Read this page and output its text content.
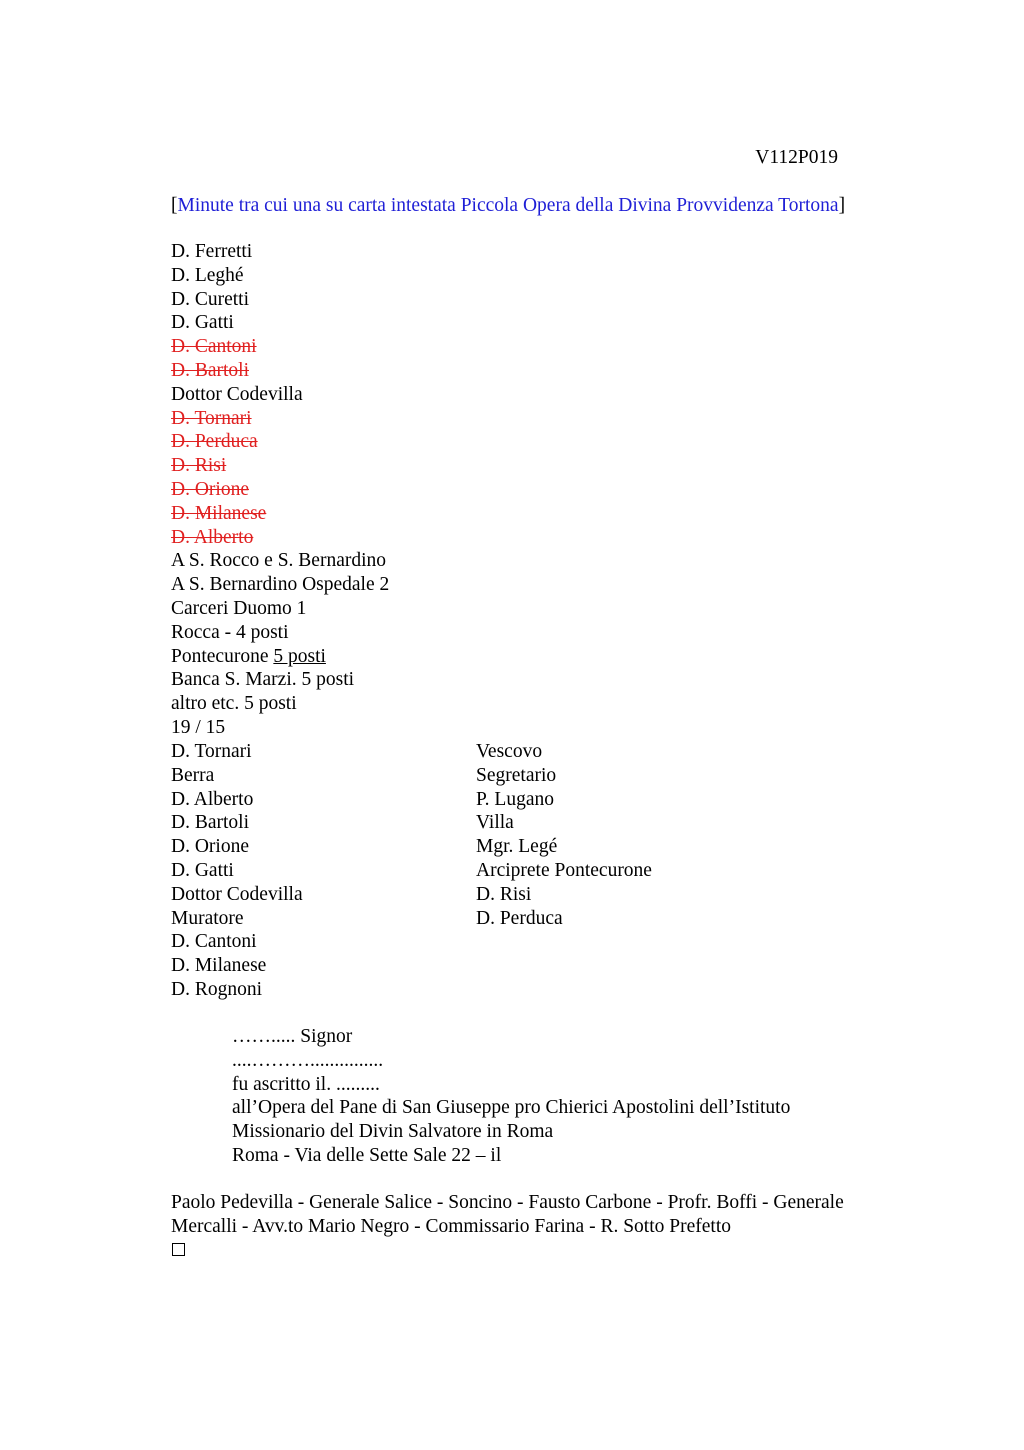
V112P019
[Minute tra cui una su carta intestata Piccola Opera della Divina Provvidenza Tortona]
D. Ferretti
D. Leghé
D. Curetti
D. Gatti
D. Cantoni
D. Bartoli
Dottor Codevilla
D. Tornari
D. Perduca
D. Risi
D. Orione
D. Milanese
D. Alberto
A S. Rocco e S. Bernardino
A S. Bernardino Ospedale 2
Carceri Duomo 1
Rocca - 4 posti
Pontecurone 5 posti
Banca S. Marzi. 5 posti
altro etc. 5 posti
19 / 15
D. Tornari
Berra
D. Alberto
D. Bartoli
D. Orione
D. Gatti
Dottor Codevilla
Muratore
D. Cantoni
D. Milanese
D. Rognoni
Vescovo
Segretario
P. Lugano
Villa
Mgr. Legé
Arciprete Pontecurone
D. Risi
D. Perduca
……..... Signor
....………...............
fu ascritto il. .........
all’Opera del Pane di San Giuseppe pro Chierici Apostolini dell’Istituto
Missionario del Divin Salvatore in Roma
Roma - Via delle Sette Sale 22 – il
Paolo Pedevilla - Generale Salice - Soncino - Fausto Carbone - Profr. Boffi - Generale Mercalli - Avv.to Mario Negro - Commissario Farina - R. Sotto Prefetto
